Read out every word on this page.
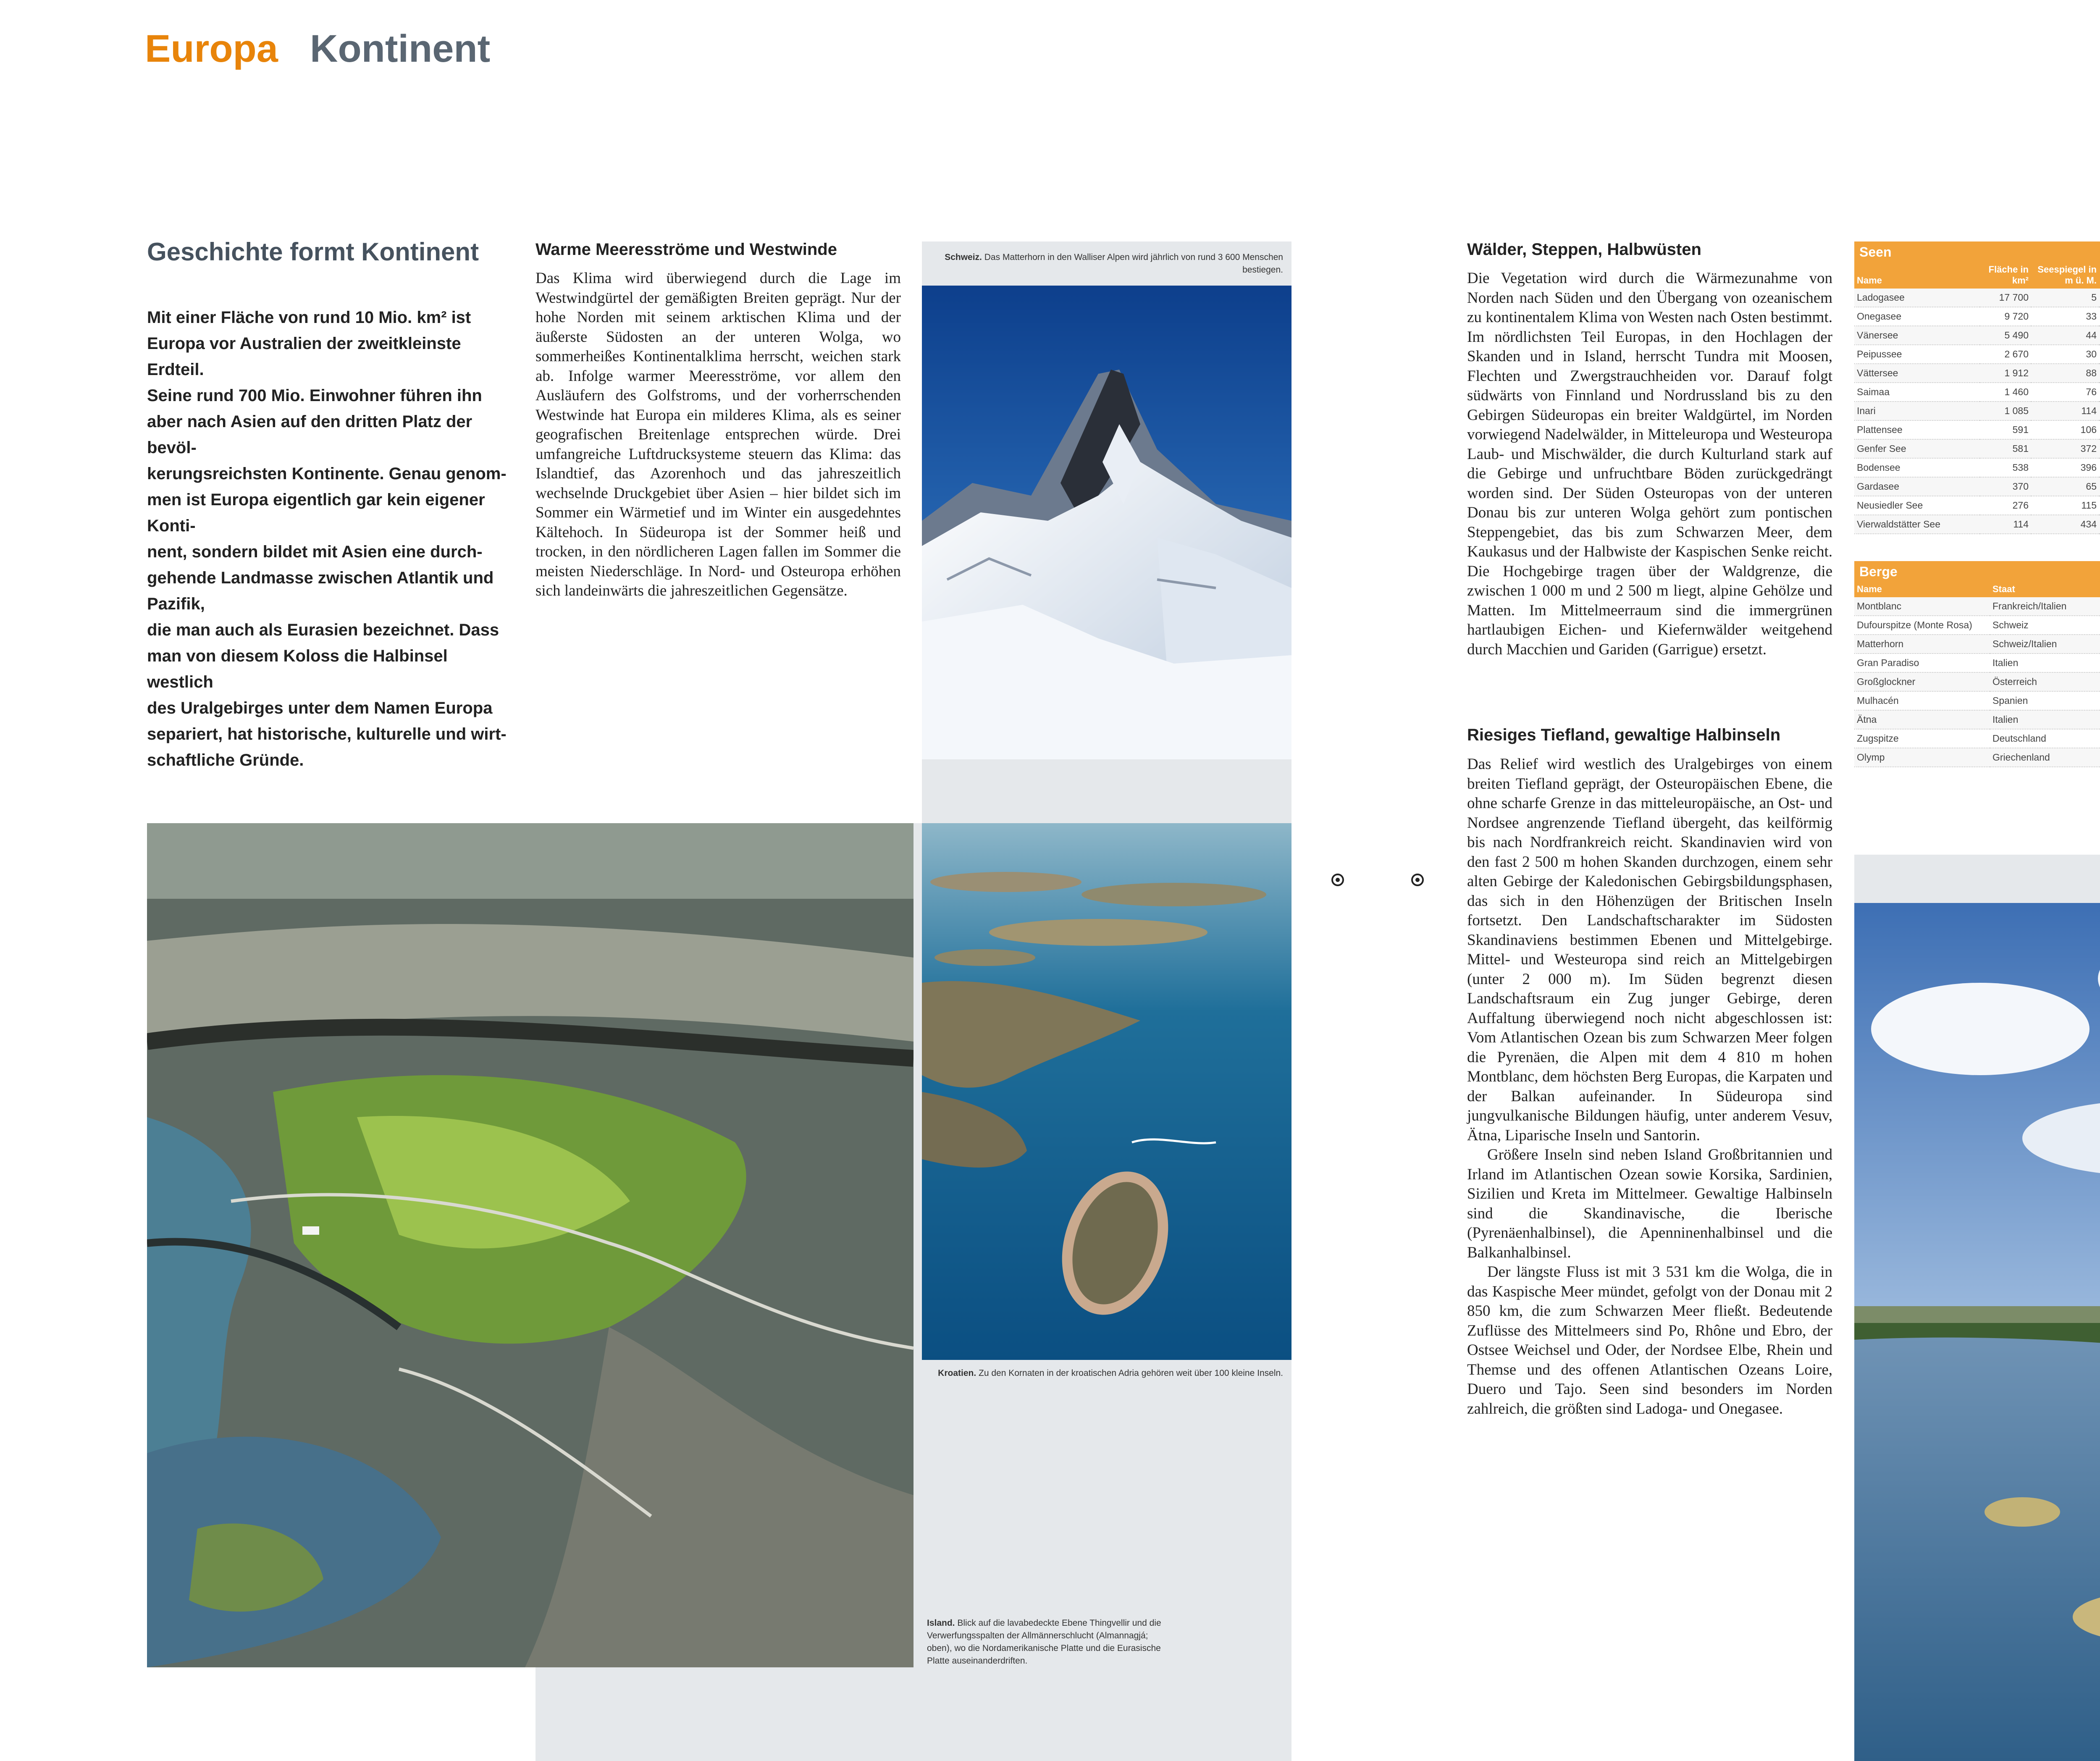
Europa Kontinent
Geschichte formt Kontinent
Mit einer Fläche von rund 10 Mio. km² ist
Europa vor Australien der zweitkleinste Erdteil.
Seine rund 700 Mio. Einwohner führen ihn
aber nach Asien auf den dritten Platz der bevöl-
kerungsreichsten Kontinente. Genau genom-
men ist Europa eigentlich gar kein eigener Konti-
nent, sondern bildet mit Asien eine durch-
gehende Landmasse zwischen Atlantik und Pazifik,
die man auch als Eurasien bezeichnet. Dass
man von diesem Koloss die Halbinsel westlich
des Uralgebirges unter dem Namen Europa
separiert, hat historische, kulturelle und wirt-
schaftliche Gründe.
Warme Meeresströme und Westwinde

Das Klima wird überwiegend durch die Lage im Westwindgürtel der gemäßigten Breiten geprägt. Nur der hohe Norden mit seinem arktischen Klima und der äußerste Südosten an der unteren Wolga, wo sommerheißes Kontinentalklima herrscht, weichen stark ab. Infolge warmer Meeresströme, vor allem den Ausläufern des Golfstroms, und der vorherrschenden Westwinde hat Europa ein milderes Klima, als es seiner geografischen Breitenlage entsprechen würde. Drei umfangreiche Luftdrucksysteme steuern das Klima: das Islandtief, das Azorenhoch und das jahreszeitlich wechselnde Druckgebiet über Asien – hier bildet sich im Sommer ein Wärmetief und im Winter ein ausgedehntes Kältehoch. In Südeuropa ist der Sommer heiß und trocken, in den nördlicheren Lagen fallen im Sommer die meisten Niederschläge. In Nord- und Osteuropa erhöhen sich landeinwärts die jahreszeitlichen Gegensätze.

Schweiz. Das Matterhorn in den Walliser Alpen wird jährlich von rund 3 600 Menschen bestiegen.
Kroatien. Zu den Kornaten in der kroatischen Adria gehören weit über 100 kleine Inseln.
Island. Blick auf die lavabedeckte Ebene Thingvellir und die Verwerfungsspalten der Allmännerschlucht (Almannagjá; oben), wo die Nordamerikanische Platte und die Eurasische Platte auseinanderdriften.
Wälder, Steppen, Halbwüsten

Die Vegetation wird durch die Wärmezunahme von Norden nach Süden und den Übergang von ozeanischem zu kontinentalem Klima von Westen nach Osten bestimmt. Im nördlichsten Teil Europas, in den Hochlagen der Skanden und in Island, herrscht Tundra mit Moosen, Flechten und Zwergstrauchheiden vor. Darauf folgt südwärts von Finnland und Nordrussland bis zu den Gebirgen Südeuropas ein breiter Waldgürtel, im Norden vorwiegend Nadelwälder, in Mitteleuropa und Westeuropa Laub- und Mischwälder, die durch Kulturland stark auf die Gebirge und unfruchtbare Böden zurückgedrängt worden sind. Der Süden Osteuropas von der unteren Donau bis zur unteren Wolga gehört zum pontischen Steppengebiet, das bis zum Schwarzen Meer, dem Kaukasus und der Halbwiste der Kaspischen Senke reicht. Die Hochgebirge tragen über der Waldgrenze, die zwischen 1 000 m und 2 500 m liegt, alpine Gehölze und Matten. Im Mittelmeerraum sind die immergrünen hartlaubigen Eichen- und Kiefernwälder weitgehend durch Macchien und Gariden (Garrigue) ersetzt.

Riesiges Tiefland, gewaltige Halbinseln

Das Relief wird westlich des Uralgebirges von einem breiten Tiefland geprägt, der Osteuropäischen Ebene, die ohne scharfe Grenze in das mitteleuropäische, an Ost- und Nordsee angrenzende Tiefland übergeht, das keilförmig bis nach Nordfrankreich reicht. Skandinavien wird von den fast 2 500 m hohen Skanden durchzogen, einem sehr alten Gebirge der Kaledonischen Gebirgsbildungsphasen, das sich in den Höhenzügen der Britischen Inseln fortsetzt. Den Landschaftscharakter im Südosten Skandinaviens bestimmen Ebenen und Mittelgebirge. Mittel- und Westeuropa sind reich an Mittelgebirgen (unter 2 000 m). Im Süden begrenzt diesen Landschaftsraum ein Zug junger Gebirge, deren Auffaltung überwiegend noch nicht abgeschlossen ist: Vom Atlantischen Ozean bis zum Schwarzen Meer folgen die Pyrenäen, die Alpen mit dem 4 810 m hohen Montblanc, dem höchsten Berg Europas, die Karpaten und der Balkan aufeinander. In Südeuropa sind jungvulkanische Bildungen häufig, unter anderem Vesuv, Ätna, Liparische Inseln und Santorin.

Größere Inseln sind neben Island Großbritannien und Irland im Atlantischen Ozean sowie Korsika, Sardinien, Sizilien und Kreta im Mittelmeer. Gewaltige Halbinseln sind die Skandinavische, die Iberische (Pyrenäenhalbinsel), die Apenninenhalbinsel und die Balkanhalbinsel.

Der längste Fluss ist mit 3 531 km die Wolga, die in das Kaspische Meer mündet, gefolgt von der Donau mit 2 850 km, die zum Schwarzen Meer fließt. Bedeutende Zuflüsse des Mittelmeers sind Po, Rhône und Ebro, der Ostsee Weichsel und Oder, der Nordsee Elbe, Rhein und Themse und des offenen Atlantischen Ozeans Loire, Duero und Tajo. Seen sind besonders im Norden zahlreich, die größten sind Ladoga- und Onegasee.

Seen
Name	Fläche in km²	Seespiegel in m ü. M.		
Ladogasee	17 700	5		
Onegasee	9 720	33		
Vänersee	5 490	44		
Peipussee	2 670	30		
Vättersee	1 912	88		
Saimaa	1 460	76		
Inari	1 085	114		
Plattensee	591	106		
Genfer See	581	372		
Bodensee	538	396		
Gardasee	370	65		
Neusiedler See	276	115		
Vierwaldstätter See	114	434		
Berge
Name	Staat	
Montblanc	Frankreich/Italien	
Dufourspitze (Monte Rosa)	Schweiz	
Matterhorn	Schweiz/Italien	
Gran Paradiso	Italien	
Großglockner	Österreich	
Mulhacén	Spanien	
Ätna	Italien	
Zugspitze	Deutschland	
Olymp	Griechenland	
